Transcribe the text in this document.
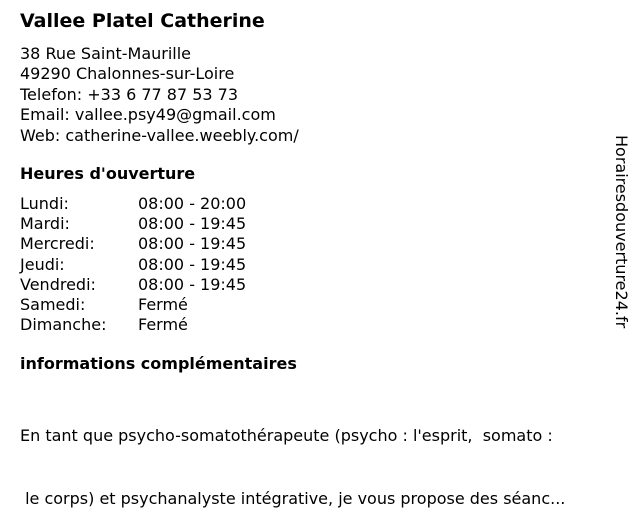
Vallee Platel Catherine
38 Rue Saint-Maurille
49290 Chalonnes-sur-Loire
Telefon: +33 6 77 87 53 73
Email: vallee.psy49@gmail.com
Web: catherine-vallee.weebly.com/
Heures d'ouverture
Lundi:	08:00 - 20:00
Mardi:	08:00 - 19:45
Mercredi:	08:00 - 19:45
Jeudi:	08:00 - 19:45
Vendredi:	08:00 - 19:45
Samedi:	Fermé
Dimanche:	Fermé
informations complémentaires

En tant que psycho-somatothérapeute (psycho : l'esprit,  somato :

le corps) et psychanalyste intégrative, je vous propose des séanc...

Horairesdouverture24.fr
